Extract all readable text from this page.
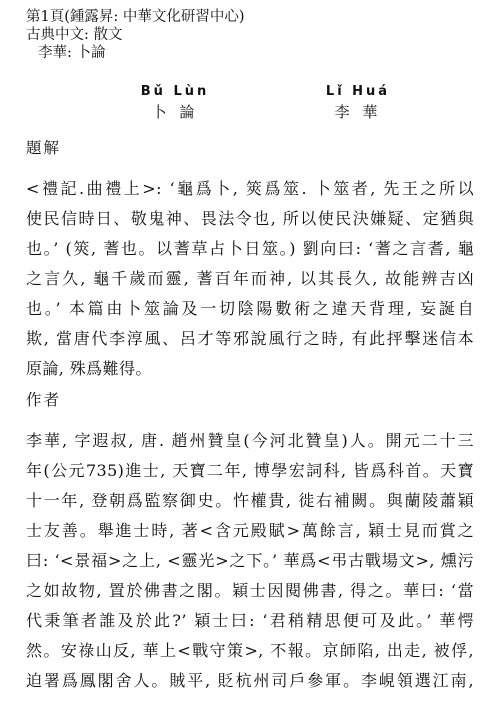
第1頁(鍾露昇: 中華文化研習中心)
古典中文: 散文
李華: 卜論
Bǔ Lùn
卜 論
Lǐ Huá
李 華
題解
<禮記.曲禮上>: ‘龜爲卜, 筴爲筮. 卜筮者, 先王之所以
使民信時日、敬鬼神、畏法令也, 所以使民決嫌疑、定猶與
也。’ (筴, 蓍也。以蓍草占卜日筮。) 劉向曰: ‘蓍之言耆, 龜
之言久, 龜千歲而靈, 蓍百年而神, 以其長久, 故能辨吉凶
也。’ 本篇由卜筮論及一切陰陽數術之違天背理, 妄誕自
欺, 當唐代李淳風、呂才等邪說風行之時, 有此抨擊迷信本
原論, 殊爲難得。
作者
李華, 字遐叔, 唐. 趙州贊皇(今河北贊皇)人。開元二十三
年(公元735)進士, 天寶二年, 博學宏詞科, 皆爲科首。天寶
十一年, 登朝爲監察御史。忤權貴, 徙右補闕。與蘭陵蕭穎
士友善。舉進士時, 著<含元殿賦>萬餘言, 穎士見而賞之
曰: ‘<景福>之上, <靈光>之下。’ 華爲<弔古戰場文>, 燻污
之如故物, 置於佛書之閣。穎士因閱佛書, 得之。華曰: ‘當
代秉筆者誰及於此?’ 穎士曰: ‘君稍精思便可及此。’ 華愕
然。安祿山反, 華上<戰守策>, 不報。京師陷, 出走, 被俘,
迫署爲鳳閣舍人。賊平, 貶杭州司戶參軍。李峴領選江南,
